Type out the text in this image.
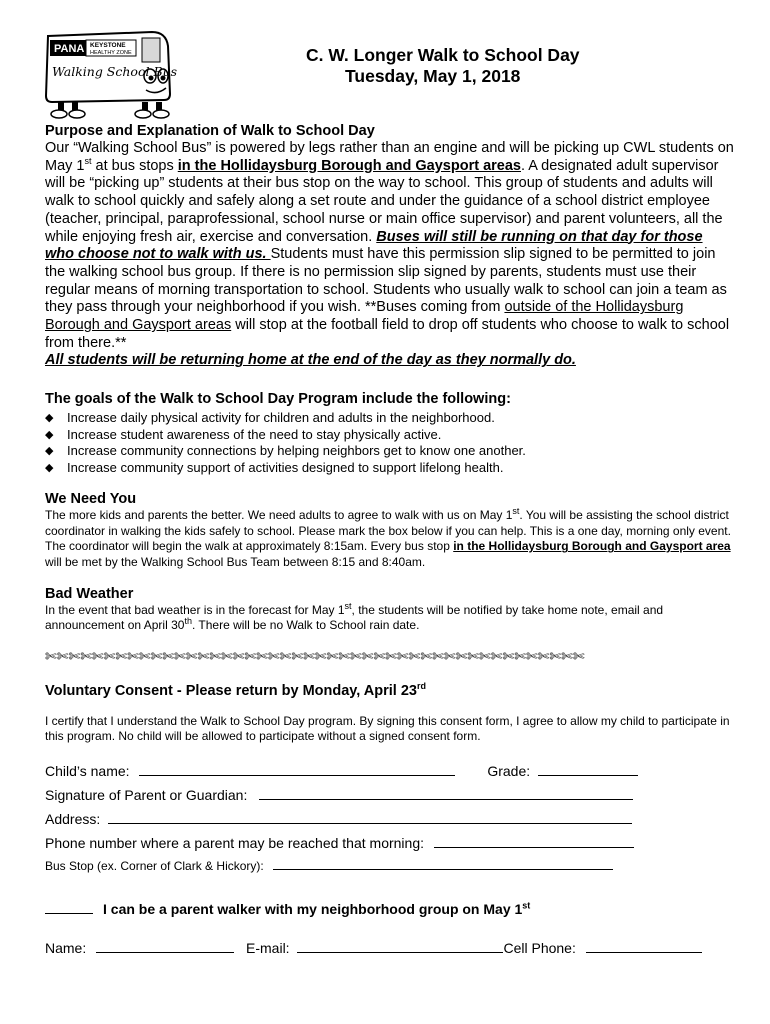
PANA KEYSTONE
HEALTHY ZONE
Walking School Bus
C. W. Longer Walk to School Day
Tuesday, May 1, 2018
Purpose and Explanation of Walk to School Day
Our “Walking School Bus” is powered by legs rather than an engine and will be picking up CWL students on May 1st at bus stops in the Hollidaysburg Borough and Gaysport areas. A designated adult supervisor will be “picking up” students at their bus stop on the way to school. This group of students and adults will walk to school quickly and safely along a set route and under the guidance of a school district employee (teacher, principal, paraprofessional, school nurse or main office supervisor) and parent volunteers, all the while enjoying fresh air, exercise and conversation. Buses will still be running on that day for those who choose not to walk with us. Students must have this permission slip signed to be permitted to join the walking school bus group. If there is no permission slip signed by parents, students must use their regular means of morning transportation to school. Students who usually walk to school can join a team as they pass through your neighborhood if you wish. **Buses coming from outside of the Hollidaysburg Borough and Gaysport areas will stop at the football field to drop off students who choose to walk to school from there.**
All students will be returning home at the end of the day as they normally do.
The goals of the Walk to School Day Program include the following:
◆ Increase daily physical activity for children and adults in the neighborhood.
◆ Increase student awareness of the need to stay physically active.
◆ Increase community connections by helping neighbors get to know one another.
◆ Increase community support of activities designed to support lifelong health.
We Need You
The more kids and parents the better. We need adults to agree to walk with us on May 1st. You will be assisting the school district coordinator in walking the kids safely to school. Please mark the box below if you can help. This is a one day, morning only event. The coordinator will begin the walk at approximately 8:15am. Every bus stop in the Hollidaysburg Borough and Gaysport area will be met by the Walking School Bus Team between 8:15 and 8:40am.
Bad Weather
In the event that bad weather is in the forecast for May 1st, the students will be notified by take home note, email and announcement on April 30th. There will be no Walk to School rain date.
✄✄✄✄✄✄✄✄✄✄✄✄✄✄✄✄✄✄✄✄✄✄✄✄✄✄✄✄✄✄✄✄✄✄✄✄✄✄✄✄✄✄✄✄✄✄
Voluntary Consent - Please return by Monday, April 23rd
I certify that I understand the Walk to School Day program. By signing this consent form, I agree to allow my child to participate in this program. No child will be allowed to participate without a signed consent form.
Child’s name:	Grade:
Signature of Parent or Guardian:
Address:
Phone number where a parent may be reached that morning:
Bus Stop (ex. Corner of Clark & Hickory):
I can be a parent walker with my neighborhood group on May 1st
Name:	E-mail:	Cell Phone:
